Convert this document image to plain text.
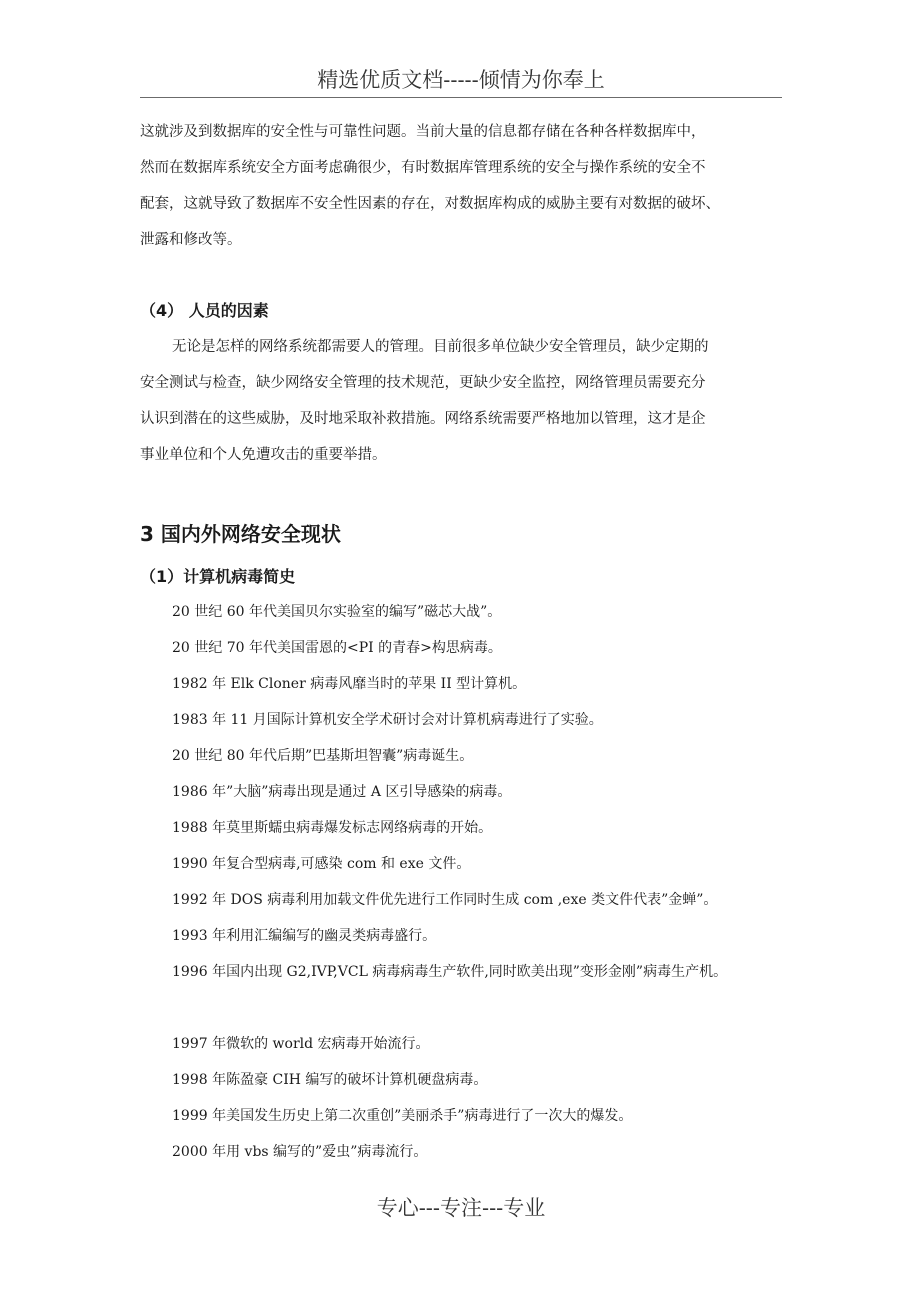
精选优质文档-----倾情为你奉上

这就涉及到数据库的安全性与可靠性问题。当前大量的信息都存储在各种各样数据库中，
然而在数据库系统安全方面考虑确很少，有时数据库管理系统的安全与操作系统的安全不
配套，这就导致了数据库不安全性因素的存在，对数据库构成的威胁主要有对数据的破坏、
泄露和修改等。

（4） 人员的因素

无论是怎样的网络系统都需要人的管理。目前很多单位缺少安全管理员，缺少定期的
安全测试与检查，缺少网络安全管理的技术规范，更缺少安全监控，网络管理员需要充分
认识到潜在的这些威胁，及时地采取补救措施。网络系统需要严格地加以管理，这才是企
事业单位和个人免遭攻击的重要举措。

3 国内外网络安全现状
（1）计算机病毒简史
20 世纪 60 年代美国贝尔实验室的编写”磁芯大战”。
20 世纪 70 年代美国雷恩的<PI 的青春>构思病毒。
1982 年 Elk Cloner 病毒风靡当时的苹果 II 型计算机。
1983 年 11 月国际计算机安全学术研讨会对计算机病毒进行了实验。
20 世纪 80 年代后期”巴基斯坦智囊”病毒诞生。
1986 年”大脑”病毒出现是通过 A 区引导感染的病毒。
1988 年莫里斯蠕虫病毒爆发标志网络病毒的开始。
1990 年复合型病毒,可感染 com 和 exe 文件。
1992 年 DOS 病毒利用加载文件优先进行工作同时生成 com ,exe 类文件代表”金蝉”。
1993 年利用汇编编写的幽灵类病毒盛行。
1996 年国内出现 G2,IVP,VCL 病毒病毒生产软件,同时欧美出现”变形金刚”病毒生产机。
1997 年微软的 world 宏病毒开始流行。
1998 年陈盈豪 CIH 编写的破坏计算机硬盘病毒。
1999 年美国发生历史上第二次重创”美丽杀手”病毒进行了一次大的爆发。
2000 年用 vbs 编写的”爱虫”病毒流行。
专心---专注---专业
